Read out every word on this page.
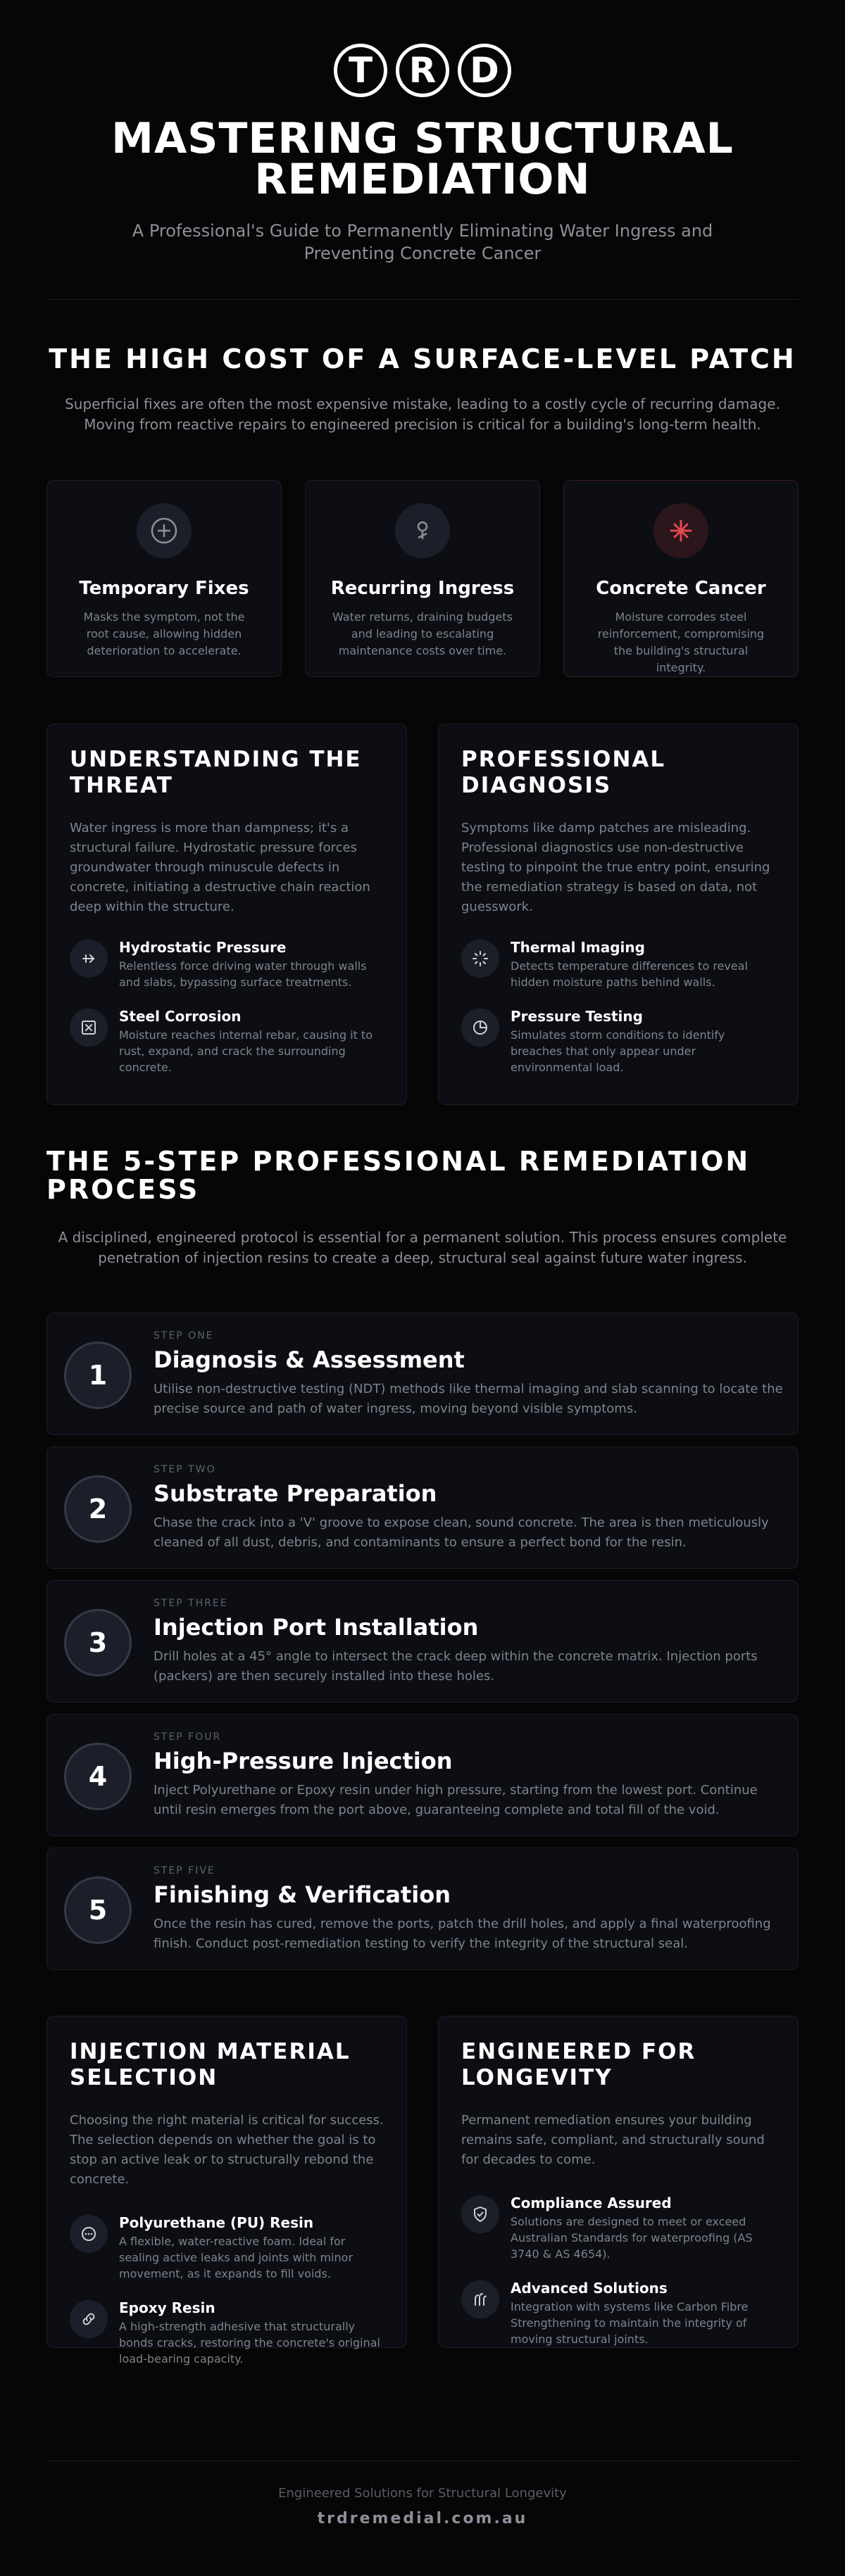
T	R D
MASTERING STRUCTURAL
REMEDIATION
A Professional's Guide to Permanently Eliminating Water Ingress and Preventing Concrete Cancer
THE HIGH COST OF A SURFACE-LEVEL PATCH
Superficial fixes are often the most expensive mistake, leading to a costly cycle of recurring damage. Moving from reactive repairs to engineered precision is critical for a building's long-term health.
Temporary Fixes

Masks the symptom, not the root cause, allowing hidden deterioration to accelerate.

Recurring Ingress

Water returns, draining budgets and leading to escalating maintenance costs over time.

Concrete Cancer

Moisture corrodes steel reinforcement, compromising the building's structural integrity.

UNDERSTANDING THE THREAT
Water ingress is more than dampness; it's a structural failure. Hydrostatic pressure forces groundwater through minuscule defects in concrete, initiating a destructive chain reaction deep within the structure.
Hydrostatic Pressure

Relentless force driving water through walls and slabs, bypassing surface treatments.

Steel Corrosion

Moisture reaches internal rebar, causing it to rust, expand, and crack the surrounding concrete.

PROFESSIONAL DIAGNOSIS
Symptoms like damp patches are misleading. Professional diagnostics use non-destructive testing to pinpoint the true entry point, ensuring the remediation strategy is based on data, not guesswork.
Thermal Imaging

Detects temperature differences to reveal hidden moisture paths behind walls.

Pressure Testing

Simulates storm conditions to identify breaches that only appear under environmental load.

THE 5-STEP PROFESSIONAL REMEDIATION PROCESS
A disciplined, engineered protocol is essential for a permanent solution. This process ensures complete penetration of injection resins to create a deep, structural seal against future water ingress.
1
STEP ONE
Diagnosis & Assessment

Utilise non-destructive testing (NDT) methods like thermal imaging and slab scanning to locate the precise source and path of water ingress, moving beyond visible symptoms.

2
STEP TWO
Substrate Preparation

Chase the crack into a 'V' groove to expose clean, sound concrete. The area is then meticulously cleaned of all dust, debris, and contaminants to ensure a perfect bond for the resin.

3
STEP THREE
Injection Port Installation

Drill holes at a 45° angle to intersect the crack deep within the concrete matrix. Injection ports (packers) are then securely installed into these holes.

4
STEP FOUR
High-Pressure Injection

Inject Polyurethane or Epoxy resin under high pressure, starting from the lowest port. Continue until resin emerges from the port above, guaranteeing complete and total fill of the void.

5
STEP FIVE
Finishing & Verification

Once the resin has cured, remove the ports, patch the drill holes, and apply a final waterproofing finish. Conduct post-remediation testing to verify the integrity of the structural seal.

INJECTION MATERIAL SELECTION
Choosing the right material is critical for success. The selection depends on whether the goal is to stop an active leak or to structurally rebond the concrete.
Polyurethane (PU) Resin

A flexible, water-reactive foam. Ideal for sealing active leaks and joints with minor movement, as it expands to fill voids.

Epoxy Resin

A high-strength adhesive that structurally bonds cracks, restoring the concrete's original load-bearing capacity.

ENGINEERED FOR LONGEVITY
Permanent remediation ensures your building remains safe, compliant, and structurally sound for decades to come.
Compliance Assured

Solutions are designed to meet or exceed Australian Standards for waterproofing (AS 3740 & AS 4654).

Advanced Solutions

Integration with systems like Carbon Fibre Strengthening to maintain the integrity of moving structural joints.

Engineered Solutions for Structural Longevity
trdremedial.com.au
